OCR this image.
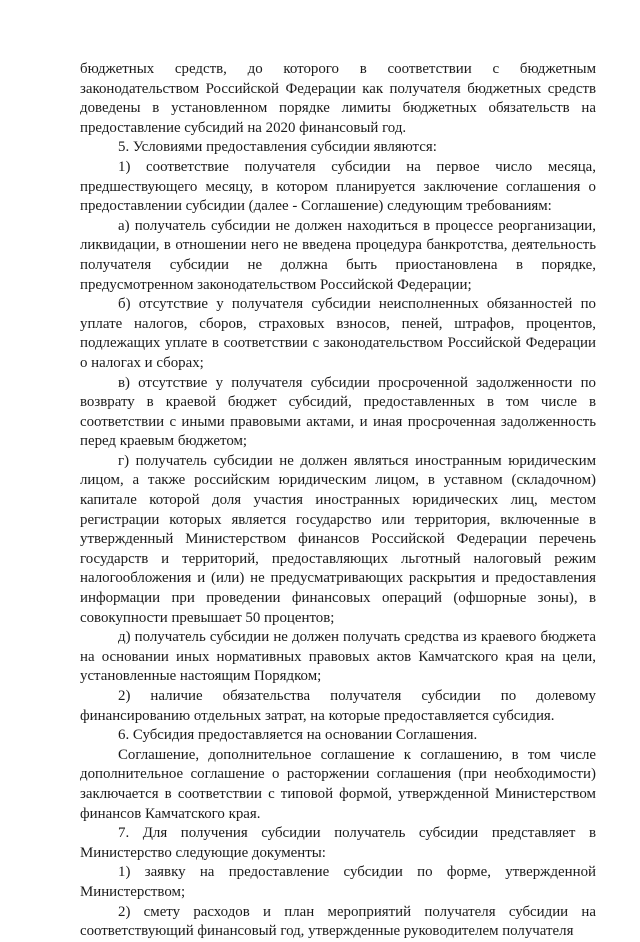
бюджетных средств, до которого в соответствии с бюджетным законодательством Российской Федерации как получателя бюджетных средств доведены в установленном порядке лимиты бюджетных обязательств на предоставление субсидий на 2020 финансовый год.

5. Условиями предоставления субсидии являются:

1) соответствие получателя субсидии на первое число месяца, предшествующего месяцу, в котором планируется заключение соглашения о предоставлении субсидии (далее - Соглашение) следующим требованиям:

а) получатель субсидии не должен находиться в процессе реорганизации, ликвидации, в отношении него не введена процедура банкротства, деятельность получателя субсидии не должна быть приостановлена в порядке, предусмотренном законодательством Российской Федерации;

б) отсутствие у получателя субсидии неисполненных обязанностей по уплате налогов, сборов, страховых взносов, пеней, штрафов, процентов, подлежащих уплате в соответствии с законодательством Российской Федерации о налогах и сборах;

в) отсутствие у получателя субсидии просроченной задолженности по возврату в краевой бюджет субсидий, предоставленных в том числе в соответствии с иными правовыми актами, и иная просроченная задолженность перед краевым бюджетом;

г) получатель субсидии не должен являться иностранным юридическим лицом, а также российским юридическим лицом, в уставном (складочном) капитале которой доля участия иностранных юридических лиц, местом регистрации которых является государство или территория, включенные в утвержденный Министерством финансов Российской Федерации перечень государств и территорий, предоставляющих льготный налоговый режим налогообложения и (или) не предусматривающих раскрытия и предоставления информации при проведении финансовых операций (офшорные зоны), в совокупности превышает 50 процентов;

д) получатель субсидии не должен получать средства из краевого бюджета на основании иных нормативных правовых актов Камчатского края на цели, установленные настоящим Порядком;

2) наличие обязательства получателя субсидии по долевому финансированию отдельных затрат, на которые предоставляется субсидия.

6. Субсидия предоставляется на основании Соглашения.

Соглашение, дополнительное соглашение к соглашению, в том числе дополнительное соглашение о расторжении соглашения (при необходимости) заключается в соответствии с типовой формой, утвержденной Министерством финансов Камчатского края.

7. Для получения субсидии получатель субсидии представляет в Министерство следующие документы:

1) заявку на предоставление субсидии по форме, утвержденной Министерством;

2) смету расходов и план мероприятий получателя субсидии на соответствующий финансовый год, утвержденные руководителем получателя
